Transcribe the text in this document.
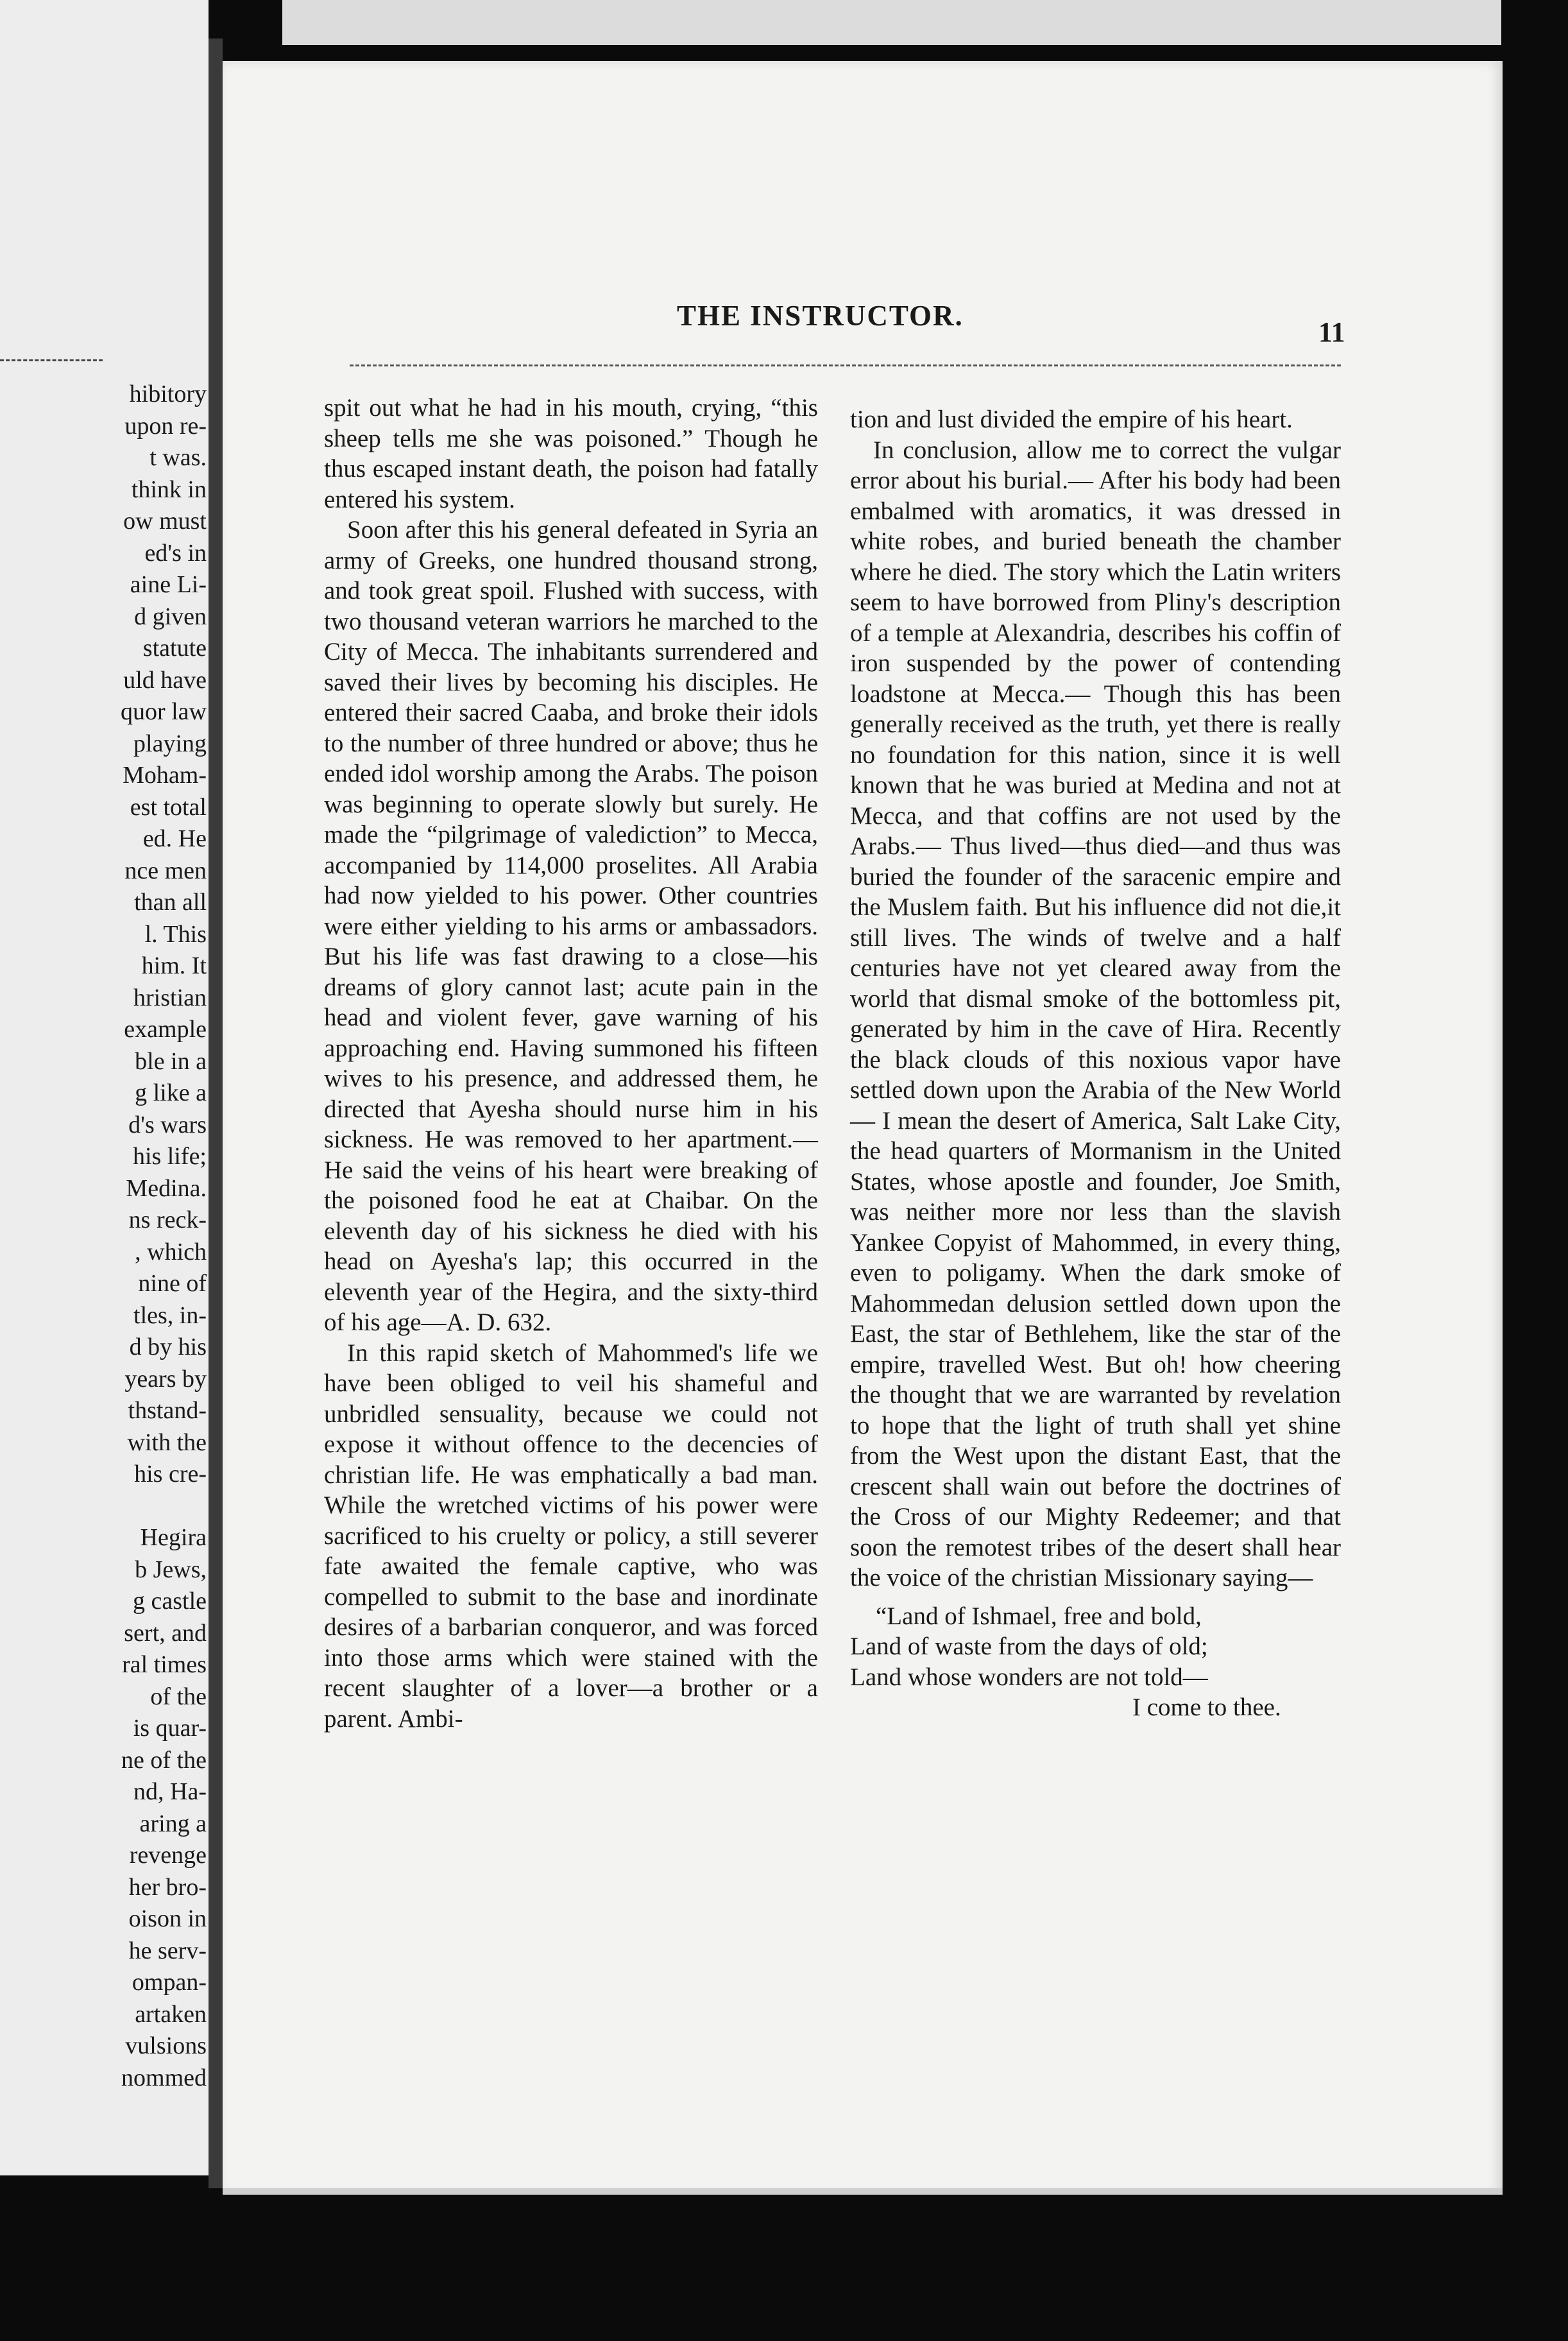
hibitory
upon re-
t was.
think in
ow must
ed's in
aine Li-
d given
statute
uld have
quor law
playing
Moham-
est total
ed. He
nce men
than all
l. This
him. It
hristian
example
ble in a
g like a
d's wars
his life;
Medina.
ns reck-
, which
nine of
tles, in-
d by his
years by
thstand-
with the
his cre-

Hegira
b Jews,
g castle
sert, and
ral times
of the
is quar-
ne of the
nd, Ha-
aring a
revenge
her bro-
oison in
he serv-
ompan-
artaken
vulsions
nommed
THE INSTRUCTOR.
11

spit out what he had in his mouth, crying, “this sheep tells me she was poisoned.” Though he thus escaped instant death, the poison had fatally entered his system.

Soon after this his general defeated in Syria an army of Greeks, one hundred thousand strong, and took great spoil. Flushed with success, with two thousand veteran warriors he marched to the City of Mecca. The inhabitants surrendered and saved their lives by becoming his disciples. He entered their sacred Caaba, and broke their idols to the number of three hundred or above; thus he ended idol worship among the Arabs. The poison was beginning to operate slowly but surely. He made the “pilgrimage of valediction” to Mecca, accompanied by 114,000 proselites. All Arabia had now yielded to his power. Other countries were either yielding to his arms or ambassadors. But his life was fast drawing to a close—his dreams of glory cannot last; acute pain in the head and violent fever, gave warning of his approaching end. Having summoned his fifteen wives to his presence, and addressed them, he directed that Ayesha should nurse him in his sickness. He was removed to her apartment.— He said the veins of his heart were breaking of the poisoned food he eat at Chaibar. On the eleventh day of his sickness he died with his head on Ayesha's lap; this occurred in the eleventh year of the Hegira, and the sixty-third of his age—A. D. 632.

In this rapid sketch of Mahommed's life we have been obliged to veil his shameful and unbridled sensuality, because we could not expose it without offence to the decencies of christian life. He was emphatically a bad man. While the wretched victims of his power were sacrificed to his cruelty or policy, a still severer fate awaited the female captive, who was compelled to submit to the base and inordinate desires of a barbarian conqueror, and was forced into those arms which were stained with the recent slaughter of a lover—a brother or a parent. Ambi-

tion and lust divided the empire of his heart.

In conclusion, allow me to correct the vulgar error about his burial.— After his body had been embalmed with aromatics, it was dressed in white robes, and buried beneath the chamber where he died. The story which the Latin writers seem to have borrowed from Pliny's description of a temple at Alexandria, describes his coffin of iron suspended by the power of contending loadstone at Mecca.— Though this has been generally received as the truth, yet there is really no foundation for this nation, since it is well known that he was buried at Medina and not at Mecca, and that coffins are not used by the Arabs.— Thus lived—thus died—and thus was buried the founder of the saracenic empire and the Muslem faith. But his influence did not die,it still lives. The winds of twelve and a half centuries have not yet cleared away from the world that dismal smoke of the bottomless pit, generated by him in the cave of Hira. Recently the black clouds of this noxious vapor have settled down upon the Arabia of the New World— I mean the desert of America, Salt Lake City, the head quarters of Mormanism in the United States, whose apostle and founder, Joe Smith, was neither more nor less than the slavish Yankee Copyist of Mahommed, in every thing, even to poligamy. When the dark smoke of Mahommedan delusion settled down upon the East, the star of Bethlehem, like the star of the empire, travelled West. But oh! how cheering the thought that we are warranted by revelation to hope that the light of truth shall yet shine from the West upon the distant East, that the crescent shall wain out before the doctrines of the Cross of our Mighty Redeemer; and that soon the remotest tribes of the desert shall hear the voice of the christian Missionary saying—

“Land of Ishmael, free and bold,
Land of waste from the days of old;
Land whose wonders are not told—
I come to thee.
